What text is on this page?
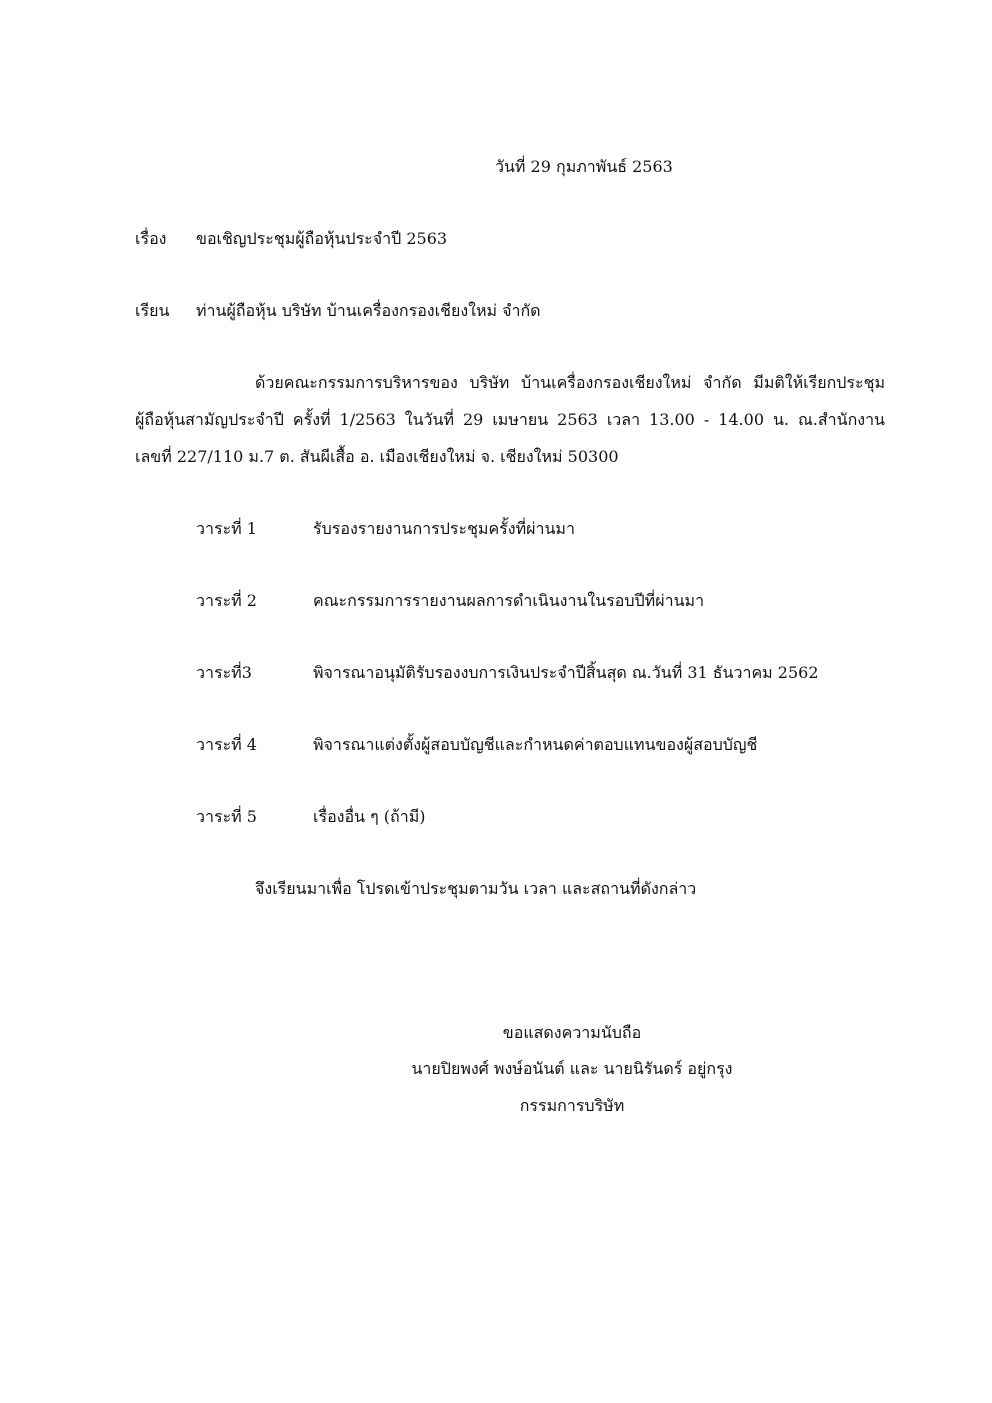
วันที่ 29 กุมภาพันธ์ 2563
เรื่อง ขอเชิญประชุมผู้ถือหุ้นประจำปี 2563
เรียน ท่านผู้ถือหุ้น บริษัท บ้านเครื่องกรองเชียงใหม่ จำกัด
ด้วยคณะกรรมการบริหารของ บริษัท บ้านเครื่องกรองเชียงใหม่ จำกัด มีมติให้เรียกประชุม
ผู้ถือหุ้นสามัญประจำปี ครั้งที่ 1/2563 ในวันที่ 29 เมษายน 2563 เวลา 13.00 - 14.00 น. ณ.สำนักงาน
เลขที่ 227/110 ม.7 ต. สันผีเสื้อ อ. เมืองเชียงใหม่ จ. เชียงใหม่ 50300
วาระที่ 1	รับรองรายงานการประชุมครั้งที่ผ่านมา
วาระที่ 2	คณะกรรมการรายงานผลการดำเนินงานในรอบปีที่ผ่านมา
วาระที่3	พิจารณาอนุมัติรับรองงบการเงินประจำปีสิ้นสุด ณ.วันที่ 31 ธันวาคม 2562
วาระที่ 4	พิจารณาแต่งตั้งผู้สอบบัญชีและกำหนดค่าตอบแทนของผู้สอบบัญชี
วาระที่ 5	เรื่องอื่น ๆ (ถ้ามี)
จึงเรียนมาเพื่อ โปรดเข้าประชุมตามวัน เวลา และสถานที่ดังกล่าว
ขอแสดงความนับถือ
นายปิยพงศ์ พงษ์อนันต์ และ นายนิรันดร์ อยู่กรุง
กรรมการบริษัท
